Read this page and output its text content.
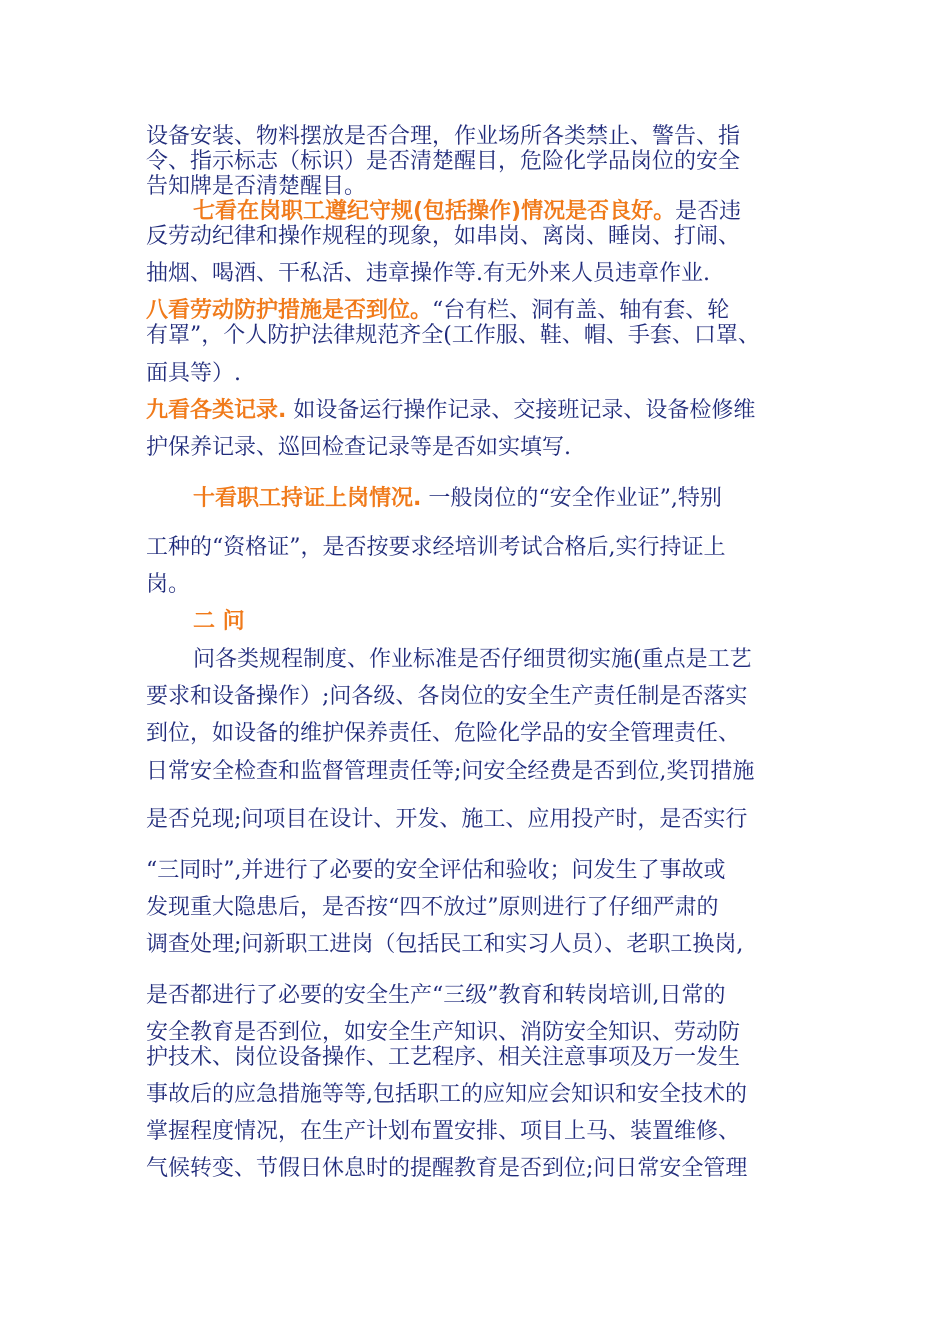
设备安装、物料摆放是否合理，作业场所各类禁止、警告、指
令、指示标志（标识）是否清楚醒目，危险化学品岗位的安全
告知牌是否清楚醒目。
七看在岗职工遵纪守规(包括操作)情况是否良好。是否违
反劳动纪律和操作规程的现象，如串岗、离岗、睡岗、打闹、
抽烟、喝酒、干私活、违章操作等.有无外来人员违章作业.
八看劳动防护措施是否到位。“台有栏、洞有盖、轴有套、轮
有罩”，个人防护法律规范齐全(工作服、鞋、帽、手套、口罩、
面具等）.
九看各类记录. 如设备运行操作记录、交接班记录、设备检修维
护保养记录、巡回检查记录等是否如实填写.
十看职工持证上岗情况. 一般岗位的“安全作业证”,特别
工种的“资格证”，是否按要求经培训考试合格后,实行持证上
岗。
二 问
问各类规程制度、作业标准是否仔细贯彻实施(重点是工艺
要求和设备操作）;问各级、各岗位的安全生产责任制是否落实
到位，如设备的维护保养责任、危险化学品的安全管理责任、
日常安全检查和监督管理责任等;问安全经费是否到位,奖罚措施
是否兑现;问项目在设计、开发、施工、应用投产时，是否实行
“三同时”,并进行了必要的安全评估和验收；问发生了事故或
发现重大隐患后，是否按“四不放过”原则进行了仔细严肃的
调查处理;问新职工进岗（包括民工和实习人员）、老职工换岗,
是否都进行了必要的安全生产“三级”教育和转岗培训,日常的
安全教育是否到位，如安全生产知识、消防安全知识、劳动防
护技术、岗位设备操作、工艺程序、相关注意事项及万一发生
事故后的应急措施等等,包括职工的应知应会知识和安全技术的
掌握程度情况，在生产计划布置安排、项目上马、装置维修、
气候转变、节假日休息时的提醒教育是否到位;问日常安全管理
